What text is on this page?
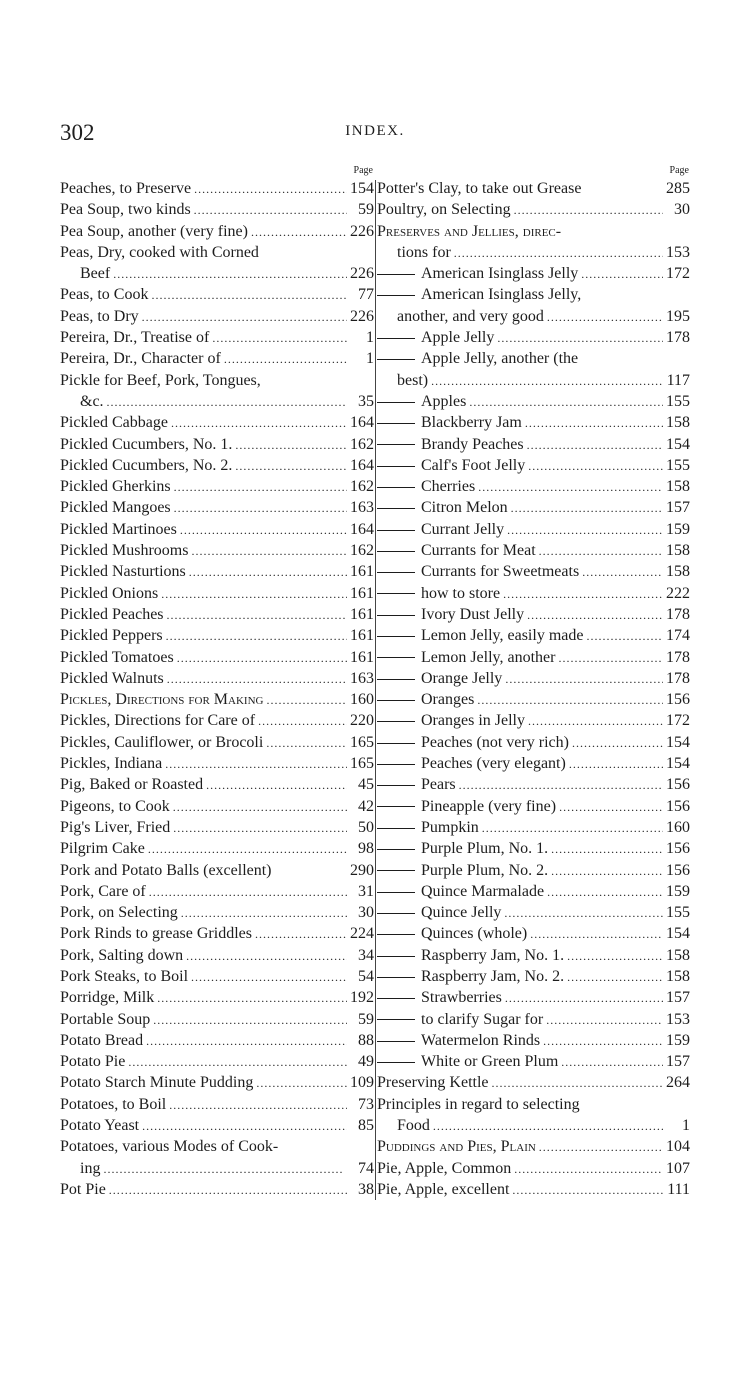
302	INDEX.
Page
Peaches, to Preserve . . .	154
Pea Soup, two kinds . . .	59
Pea Soup, another (very fine) . . .	226
Peas, Dry, cooked with Corned
Beef . . .	226
Peas, to Cook . . .	77
Peas, to Dry . . .	226
Pereira, Dr., Treatise of . . .	1
Pereira, Dr., Character of . . .	1
Pickle for Beef, Pork, Tongues,
&c. . . .	35
Pickled Cabbage . . .	164
Pickled Cucumbers, No. 1. . . .	162
Pickled Cucumbers, No. 2. . . .	164
Pickled Gherkins . . .	162
Pickled Mangoes . . .	163
Pickled Martinoes . . .	164
Pickled Mushrooms . . .	162
Pickled Nasturtions . . .	161
Pickled Onions . . .	161
Pickled Peaches . . .	161
Pickled Peppers . . .	161
Pickled Tomatoes . . .	161
Pickled Walnuts . . .	163
Pickles, Directions for Making . . .	160
Pickles, Directions for Care of . . .	220
Pickles, Cauliflower, or Brocoli . . .	165
Pickles, Indiana . . .	165
Pig, Baked or Roasted . . .	45
Pigeons, to Cook . . .	42
Pig's Liver, Fried . . .	50
Pilgrim Cake . . .	98
Pork and Potato Balls (excellent)	290
Pork, Care of . . .	31
Pork, on Selecting . . .	30
Pork Rinds to grease Griddles . . .	224
Pork, Salting down . . .	34
Pork Steaks, to Boil . . .	54
Porridge, Milk . . .	192
Portable Soup . . .	59
Potato Bread . . .	88
Potato Pie . . .	49
Potato Starch Minute Pudding . . .	109
Potatoes, to Boil . . .	73
Potato Yeast . . .	85
Potatoes, various Modes of Cook-
ing . . .	74
Pot Pie . . .	38
Page
Potter's Clay, to take out Grease	285
Poultry, on Selecting . . .	30
Preserves and Jellies, direc-
tions for . . .	153
American Isinglass Jelly . . .	172
American Isinglass Jelly,
another, and very good . . .	195
Apple Jelly . . .	178
Apple Jelly, another (the
best) . . .	117
Apples . . .	155
Blackberry Jam . . .	158
Brandy Peaches . . .	154
Calf's Foot Jelly . . .	155
Cherries . . .	158
Citron Melon . . .	157
Currant Jelly . . .	159
Currants for Meat . . .	158
Currants for Sweetmeats . . .	158
how to store . . .	222
Ivory Dust Jelly . . .	178
Lemon Jelly, easily made . . .	174
Lemon Jelly, another . . .	178
Orange Jelly . . .	178
Oranges . . .	156
Oranges in Jelly . . .	172
Peaches (not very rich) . . .	154
Peaches (very elegant) . . .	154
Pears . . .	156
Pineapple (very fine) . . .	156
Pumpkin . . .	160
Purple Plum, No. 1. . . .	156
Purple Plum, No. 2. . . .	156
Quince Marmalade . . .	159
Quince Jelly . . .	155
Quinces (whole) . . .	154
Raspberry Jam, No. 1. . . .	158
Raspberry Jam, No. 2. . . .	158
Strawberries . . .	157
to clarify Sugar for . . .	153
Watermelon Rinds . . .	159
White or Green Plum . . .	157
Preserving Kettle . . .	264
Principles in regard to selecting
Food . . .	1
Puddings and Pies, Plain . . .	104
Pie, Apple, Common . . .	107
Pie, Apple, excellent . . .	111
